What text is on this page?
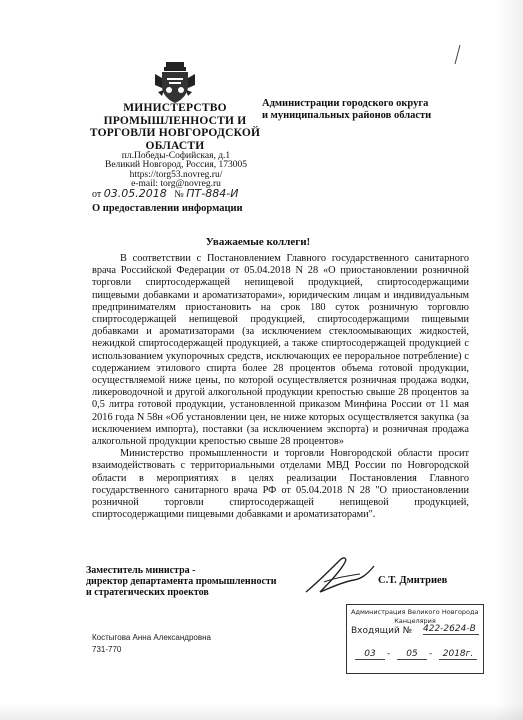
МИНИСТЕРСТВО
ПРОМЫШЛЕННОСТИ И
ТОРГОВЛИ НОВГОРОДСКОЙ
ОБЛАСТИ
пл.Победы-Софийская, д.1
Великий Новгород, Россия, 173005
https://torg53.novreg.ru/
e-mail: torg@novreg.ru
от 03.05.2018 № ПТ-884-И
О предоставлении информации
Администрации городского округа
и муниципальных районов области
Уважаемые коллеги!

В соответствии с Постановлением Главного государственного санитарного врача Российской Федерации от 05.04.2018 N 28 «О приостановлении розничной торговли спиртосодержащей непищевой продукцией, спиртосодержащими пищевыми добавками и ароматизаторами», юридическим лицам и индивидуальным предпринимателям приостановить на срок 180 суток розничную торговлю спиртосодержащей непищевой продукцией, спиртосодержащими пищевыми добавками и ароматизаторами (за исключением стеклоомывающих жидкостей, нежидкой спиртосодержащей продукцией, а также спиртосодержащей продукцией с использованием укупорочных средств, исключающих ее пероральное потребление) с содержанием этилового спирта более 28 процентов объема готовой продукции, осуществляемой ниже цены, по которой осуществляется розничная продажа водки, ликероводочной и другой алкогольной продукции крепостью свыше 28 процентов за 0,5 литра готовой продукции, установленной приказом Минфина России от 11 мая 2016 года N 58н «Об установлении цен, не ниже которых осуществляется закупка (за исключением импорта), поставки (за исключением экспорта) и розничная продажа алкогольной продукции крепостью свыше 28 процентов»

Министерство промышленности и торговли Новгородской области просит взаимодействовать с территориальными отделами МВД России по Новгородской области в мероприятиях в целях реализации Постановления Главного государственного санитарного врача РФ от 05.04.2018 N 28 "О приостановлении розничной торговли спиртосодержащей непищевой продукцией, спиртосодержащими пищевыми добавками и ароматизаторами".

Заместитель министра -
директор департамента промышленности
и стратегических проектов
С.Т. Дмитриев
Администрация Великого Новгорода
Канцелярия
Входящий № 422-2624-В
03	-	05	-	2018г.
Костыгова Анна Александровна
731-770
